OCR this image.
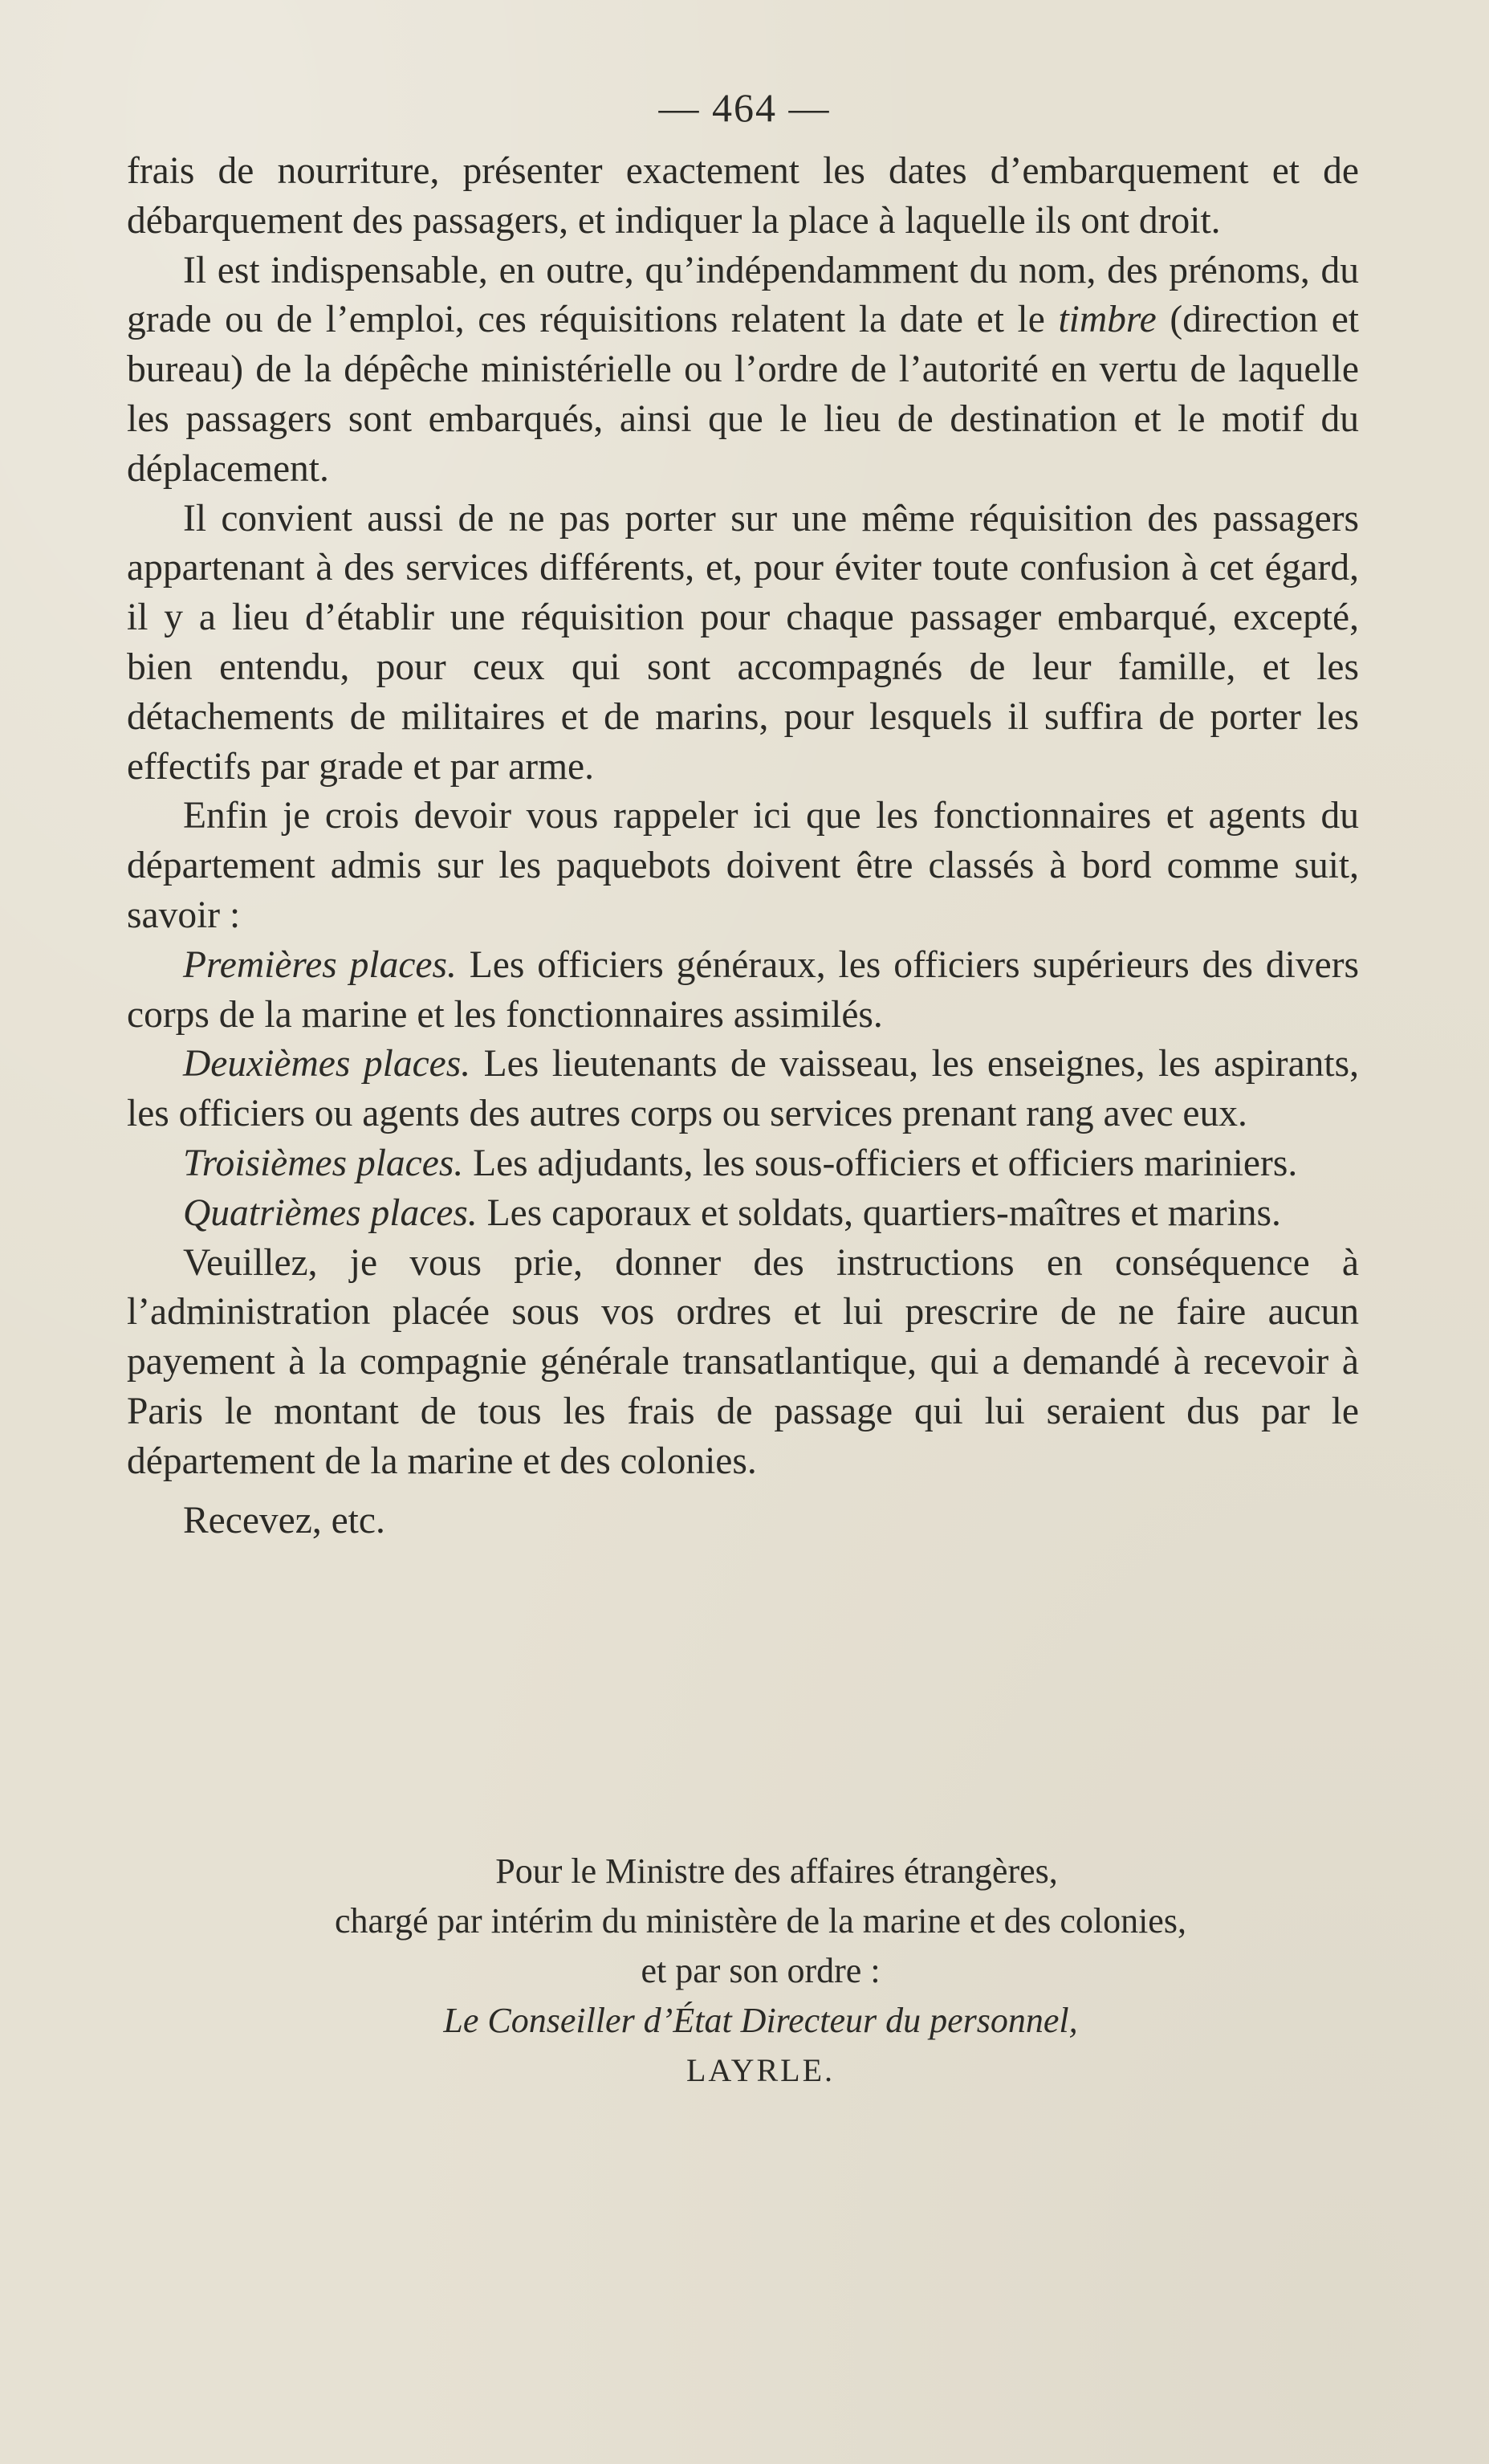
— 464 —

frais de nourriture, présenter exactement les dates d’embarquement et de débarquement des passagers, et indiquer la place à laquelle ils ont droit.

Il est indispensable, en outre, qu’indépendamment du nom, des prénoms, du grade ou de l’emploi, ces réquisitions relatent la date et le timbre (direction et bureau) de la dépêche ministérielle ou l’ordre de l’autorité en vertu de laquelle les passagers sont embarqués, ainsi que le lieu de destination et le motif du déplacement.

Il convient aussi de ne pas porter sur une même réquisition des passagers appartenant à des services différents, et, pour éviter toute confusion à cet égard, il y a lieu d’établir une réquisition pour chaque passager embarqué, excepté, bien entendu, pour ceux qui sont accompagnés de leur famille, et les détachements de militaires et de marins, pour lesquels il suffira de porter les effectifs par grade et par arme.

Enfin je crois devoir vous rappeler ici que les fonctionnaires et agents du département admis sur les paquebots doivent être classés à bord comme suit, savoir :

Premières places. Les officiers généraux, les officiers supérieurs des divers corps de la marine et les fonctionnaires assimilés.

Deuxièmes places. Les lieutenants de vaisseau, les enseignes, les aspirants, les officiers ou agents des autres corps ou services prenant rang avec eux.

Troisièmes places. Les adjudants, les sous-officiers et officiers mariniers.

Quatrièmes places. Les caporaux et soldats, quartiers-maîtres et marins.

Veuillez, je vous prie, donner des instructions en conséquence à l’administration placée sous vos ordres et lui prescrire de ne faire aucun payement à la compagnie générale transatlantique, qui a demandé à recevoir à Paris le montant de tous les frais de passage qui lui seraient dus par le département de la marine et des colonies.

Recevez, etc.

Pour le Ministre des affaires étrangères,
chargé par intérim du ministère de la marine et des colonies,
et par son ordre :
Le Conseiller d’État Directeur du personnel,
LAYRLE.
